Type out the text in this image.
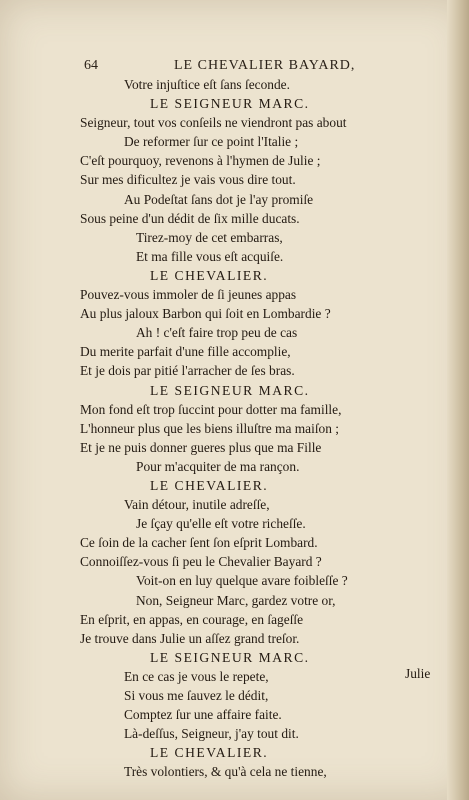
64	LE CHEVALIER BAYARD,
Votre injuſtice eſt ſans ſeconde.
LE SEIGNEUR MARC.
Seigneur, tout vos conſeils ne viendront pas about
De reformer ſur ce point l'Italie ;
C'eſt pourquoy, revenons à l'hymen de Julie ;
Sur mes dificultez je vais vous dire tout.
Au Podeſtat ſans dot je l'ay promiſe
Sous peine d'un dédit de ſix mille ducats.
Tirez-moy de cet embarras,
Et ma fille vous eſt acquiſe.
LE CHEVALIER.
Pouvez-vous immoler de ſi jeunes appas
Au plus jaloux Barbon qui ſoit en Lombardie ?
Ah ! c'eſt faire trop peu de cas
Du merite parfait d'une fille accomplie,
Et je dois par pitié l'arracher de ſes bras.
LE SEIGNEUR MARC.
Mon fond eſt trop ſuccint pour dotter ma famille,
L'honneur plus que les biens illuſtre ma maiſon ;
Et je ne puis donner gueres plus que ma Fille
Pour m'acquiter de ma rançon.
LE CHEVALIER.
Vain détour, inutile adreſſe,
Je ſçay qu'elle eſt votre richeſſe.
Ce ſoin de la cacher ſent ſon eſprit Lombard.
Connoiſſez-vous ſi peu le Chevalier Bayard ?
Voit-on en luy quelque avare foibleſſe ?
Non, Seigneur Marc, gardez votre or,
En eſprit, en appas, en courage, en ſageſſe
Je trouve dans Julie un aſſez grand treſor.
LE SEIGNEUR MARC.
En ce cas je vous le repete,
Si vous me ſauvez le dédit,
Comptez ſur une affaire faite.
Là-deſſus, Seigneur, j'ay tout dit.
LE CHEVALIER.
Très volontiers, & qu'à cela ne tienne,
Julie
